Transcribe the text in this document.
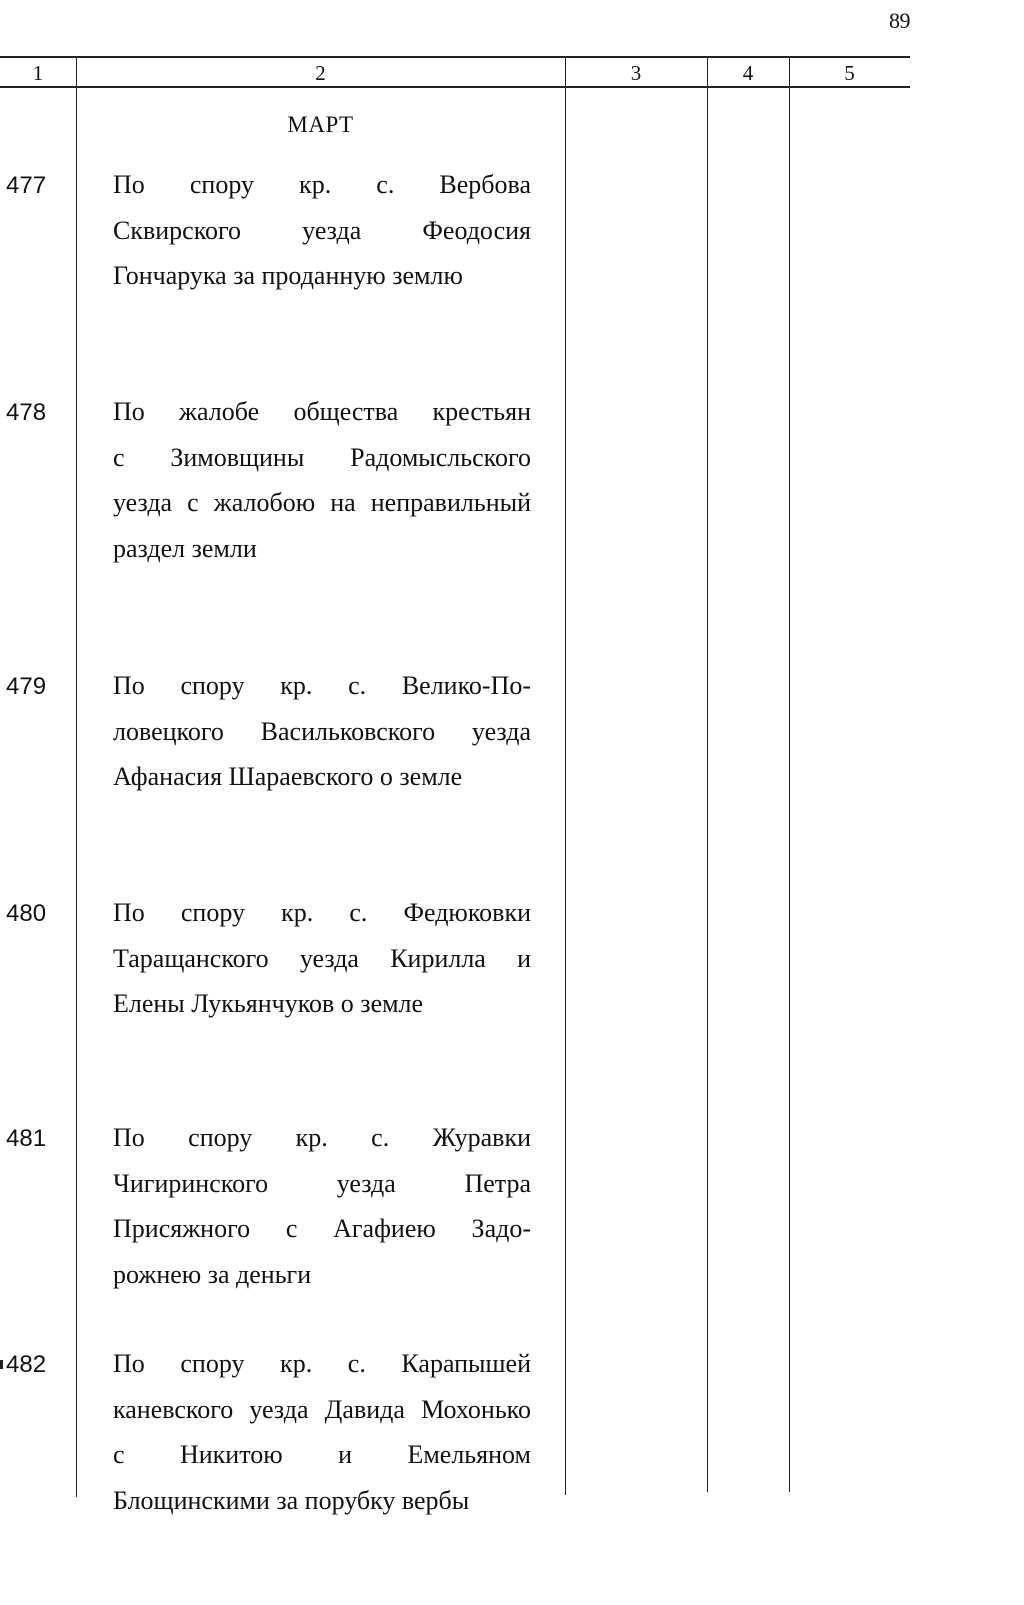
89
1	2	3	4	5
МАРТ
477	По спору кр. с. Вербова
Сквирского уезда Феодосия
Гончарука за проданную землю
478	По жалобе общества крестьян
с Зимовщины Радомысльского
уезда с жалобою на неправильный
раздел земли
479	По спору кр. с. Велико-По-
ловецкого Васильковского уезда
Афанасия Шараевского о земле
480	По спору кр. с. Федюковки
Таращанского уезда Кирилла и
Елены Лукьянчуков о земле
481	По спору кр. с. Журавки
Чигиринского уезда Петра
Присяжного с Агафиею Задо-
рожнею за деньги
482	По спору кр. с. Карапышей
каневского уезда Давида Мохонько
с Никитою и Емельяном
Блощинскими за порубку вербы
